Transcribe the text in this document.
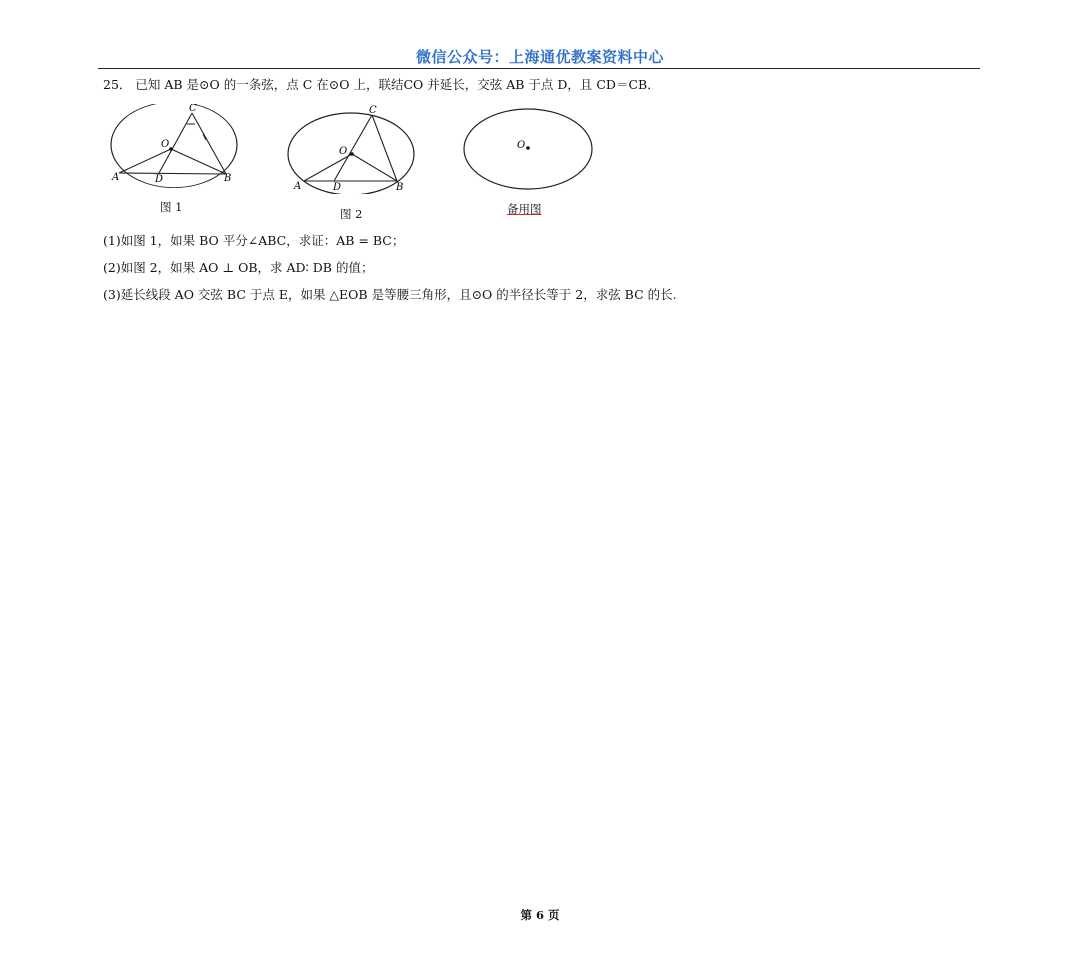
微信公众号：上海通优教案资料中心
25． 已知 AB 是⊙O 的一条弦，点 C 在⊙O 上，联结CO 并延长，交弦 AB 于点 D，且 CD＝CB．
C
O
A	D	B
图 1
C
O
A	D	B
图 2
O
备用图
(1)如图 1，如果 BO 平分∠ABC，求证：AB = BC；
(2)如图 2，如果 AO ⊥ OB，求 AD∶ DB 的值；
(3)延长线段 AO 交弦 BC 于点 E，如果 △EOB 是等腰三角形，且⊙O 的半径长等于 2，求弦 BC 的长.
第 6 页
